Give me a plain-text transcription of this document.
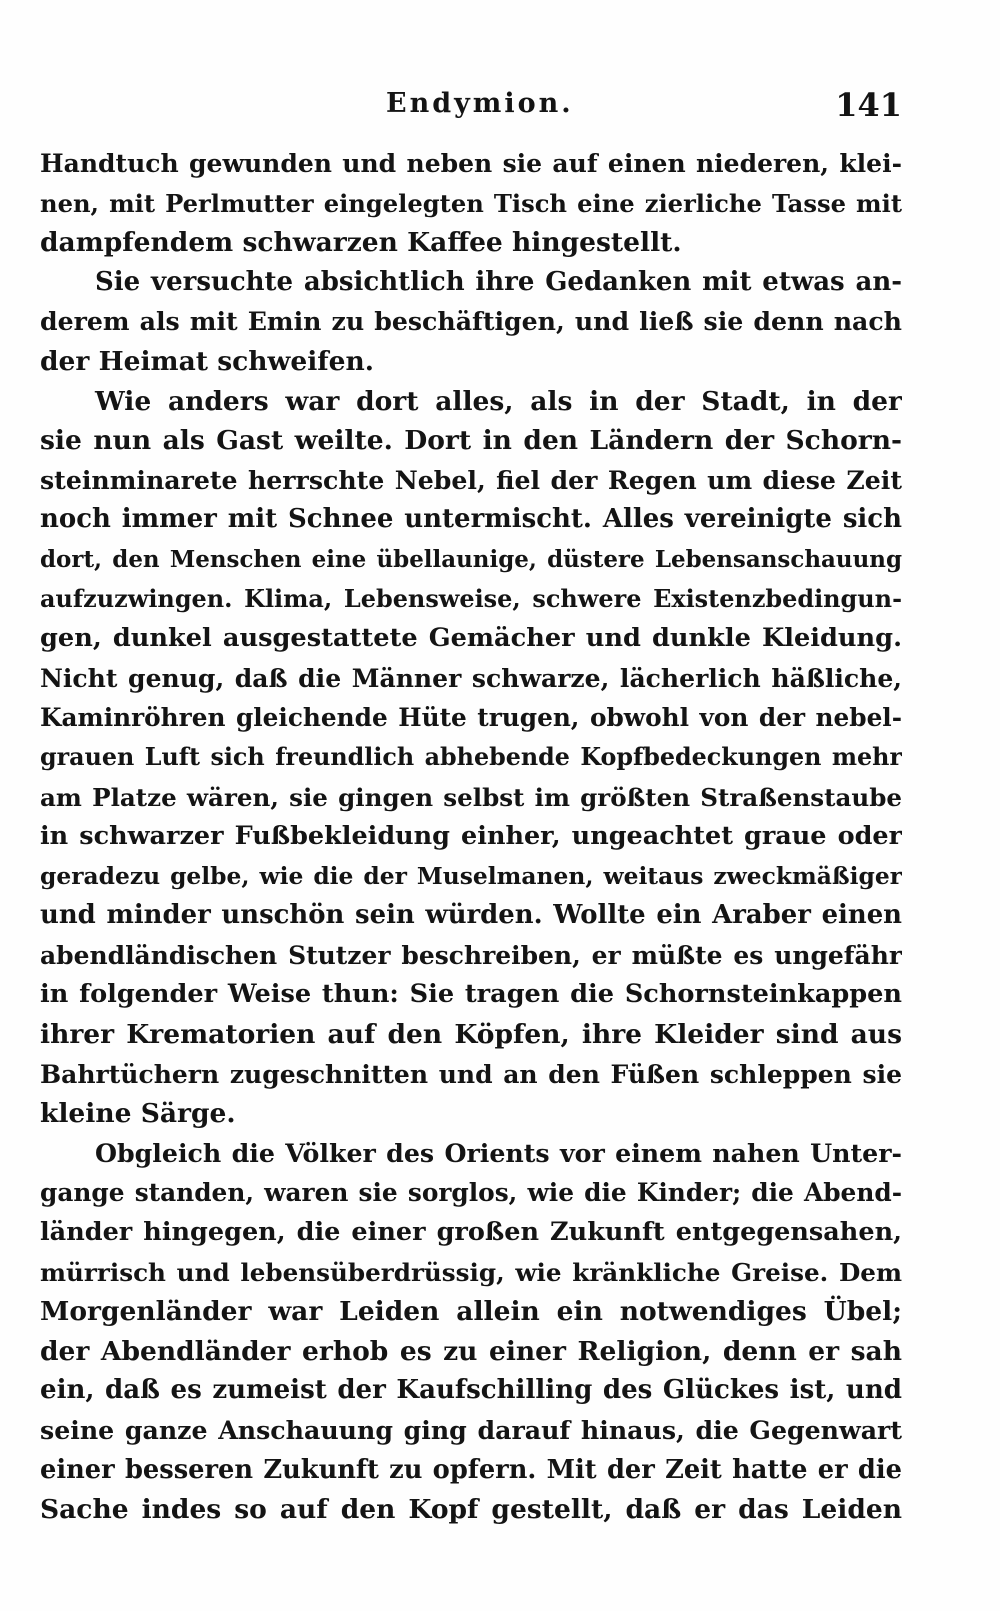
Endymion.	141
Handtuch gewunden und neben sie auf einen niederen, klei-
nen, mit Perlmutter eingelegten Tisch eine zierliche Tasse mit
dampfendem schwarzen Kaffee hingestellt.
Sie versuchte absichtlich ihre Gedanken mit etwas an-
derem als mit Emin zu beschäftigen, und ließ sie denn nach
der Heimat schweifen.
Wie anders war dort alles, als in der Stadt, in der
sie nun als Gast weilte. Dort in den Ländern der Schorn-
steinminarete herrschte Nebel, fiel der Regen um diese Zeit
noch immer mit Schnee untermischt. Alles vereinigte sich
dort, den Menschen eine übellaunige, düstere Lebensanschauung
aufzuzwingen. Klima, Lebensweise, schwere Existenzbedingun-
gen, dunkel ausgestattete Gemächer und dunkle Kleidung.
Nicht genug, daß die Männer schwarze, lächerlich häßliche,
Kaminröhren gleichende Hüte trugen, obwohl von der nebel-
grauen Luft sich freundlich abhebende Kopfbedeckungen mehr
am Platze wären, sie gingen selbst im größten Straßenstaube
in schwarzer Fußbekleidung einher, ungeachtet graue oder
geradezu gelbe, wie die der Muselmanen, weitaus zweckmäßiger
und minder unschön sein würden. Wollte ein Araber einen
abendländischen Stutzer beschreiben, er müßte es ungefähr
in folgender Weise thun: Sie tragen die Schornsteinkappen
ihrer Krematorien auf den Köpfen, ihre Kleider sind aus
Bahrtüchern zugeschnitten und an den Füßen schleppen sie
kleine Särge.
Obgleich die Völker des Orients vor einem nahen Unter-
gange standen, waren sie sorglos, wie die Kinder; die Abend-
länder hingegen, die einer großen Zukunft entgegensahen,
mürrisch und lebensüberdrüssig, wie kränkliche Greise. Dem
Morgenländer war Leiden allein ein notwendiges Übel;
der Abendländer erhob es zu einer Religion, denn er sah
ein, daß es zumeist der Kaufschilling des Glückes ist, und
seine ganze Anschauung ging darauf hinaus, die Gegenwart
einer besseren Zukunft zu opfern. Mit der Zeit hatte er die
Sache indes so auf den Kopf gestellt, daß er das Leiden
